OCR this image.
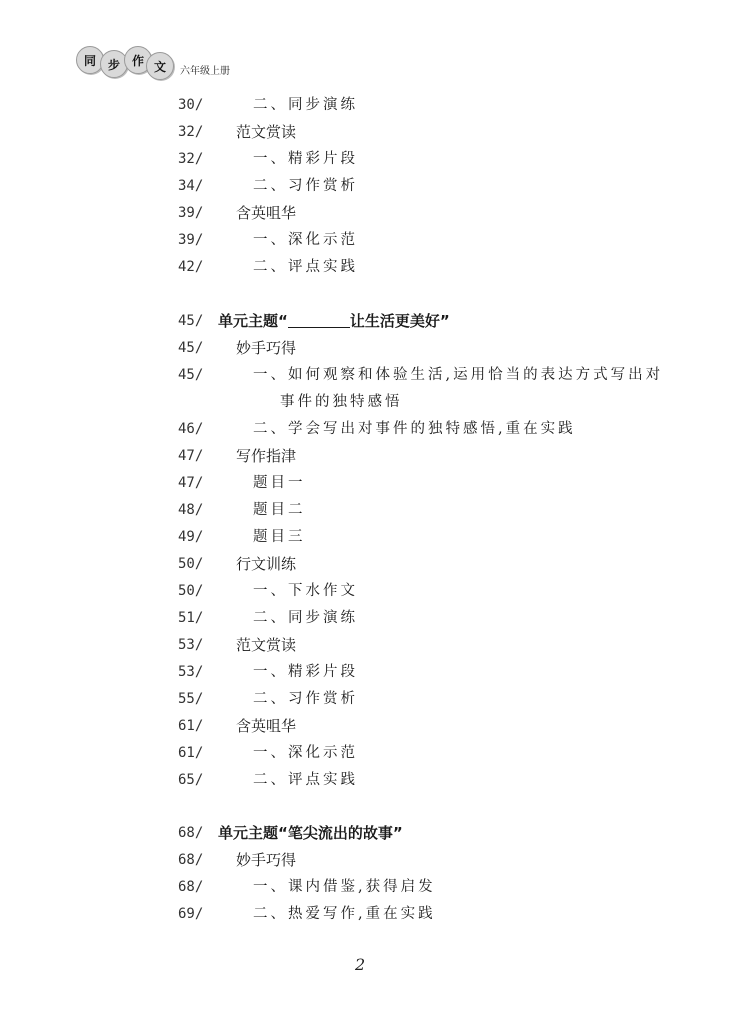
同 步 作 文	六年级上册
30/	二、同步演练
32/ 范文赏读
32/	一、精彩片段
34/	二、习作赏析
39/ 含英咀华
39/	一、深化示范
42/	二、评点实践
45/ 单元主题“	让生活更美好”
45/ 妙手巧得
45/	一、如何观察和体验生活,运用恰当的表达方式写出对
事件的独特感悟
46/	二、学会写出对事件的独特感悟,重在实践
47/ 写作指津
47/	题目一
48/	题目二
49/	题目三
50/ 行文训练
50/	一、下水作文
51/	二、同步演练
53/ 范文赏读
53/	一、精彩片段
55/	二、习作赏析
61/ 含英咀华
61/	一、深化示范
65/	二、评点实践
68/ 单元主题“笔尖流出的故事”
68/ 妙手巧得
68/	一、课内借鉴,获得启发
69/	二、热爱写作,重在实践
2
